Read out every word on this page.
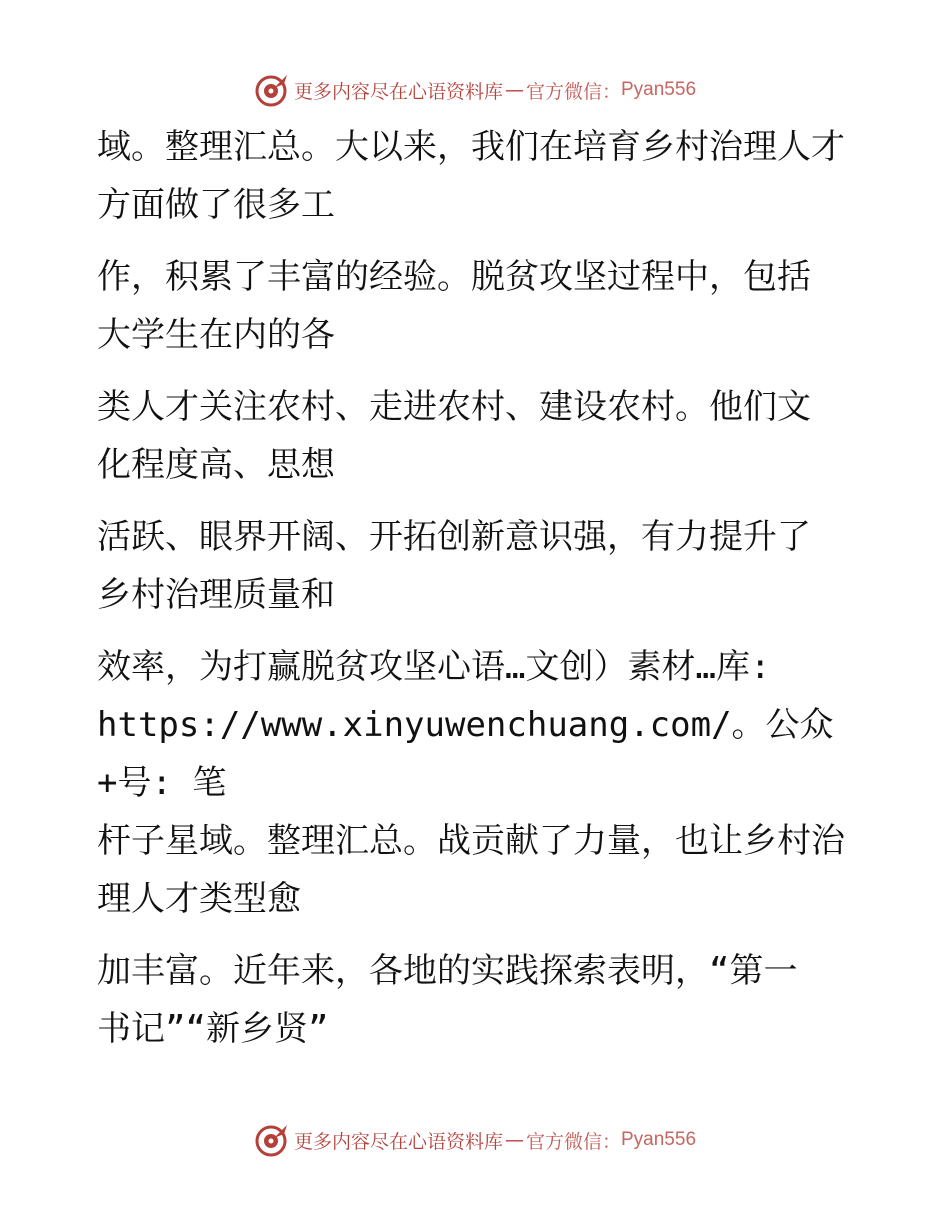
更多内容尽在心语资料库 — 官方微信： Pyan556

域。整理汇总。大以来，我们在培育乡村治理人才
方面做了很多工

作，积累了丰富的经验。脱贫攻坚过程中，包括
大学生在内的各

类人才关注农村、走进农村、建设农村。他们文
化程度高、思想

活跃、眼界开阔、开拓创新意识强，有力提升了
乡村治理质量和

效率，为打赢脱贫攻坚心语…文创）素材…库:
https://www.xinyuwenchuang.com/。公众+号: 笔
杆子星域。整理汇总。战贡献了力量，也让乡村治
理人才类型愈

加丰富。近年来，各地的实践探索表明，“第一
书记”“新乡贤”

更多内容尽在心语资料库 — 官方微信： Pyan556
